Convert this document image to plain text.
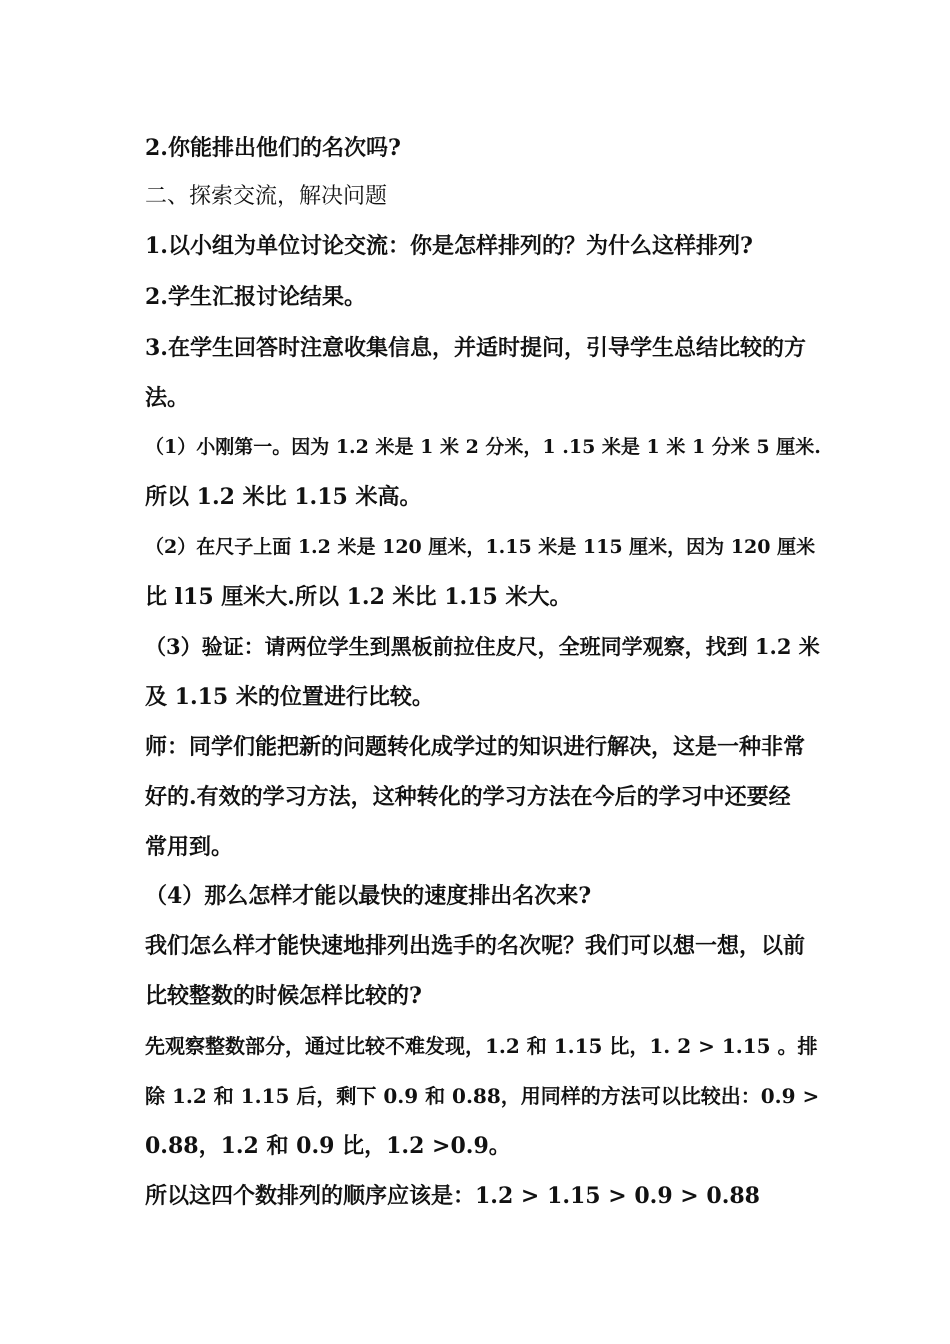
2.你能排出他们的名次吗?
二、探索交流，解决问题
1.以小组为单位讨论交流：你是怎样排列的？为什么这样排列?
2.学生汇报讨论结果。
3.在学生回答时注意收集信息，并适时提问，引导学生总结比较的方
法。
（1）小刚第一。因为 1.2 米是 1 米 2 分米，1 .15 米是 1 米 1 分米 5 厘米.
所以 1.2 米比 1.15 米高。
（2）在尺子上面 1.2 米是 120 厘米，1.15 米是 115 厘米，因为 120 厘米
比 l15 厘米大.所以 1.2 米比 1.15 米大。
（3）验证：请两位学生到黑板前拉住皮尺，全班同学观察，找到 1.2 米
及 1.15 米的位置进行比较。
师：同学们能把新的问题转化成学过的知识进行解决，这是一种非常
好的.有效的学习方法，这种转化的学习方法在今后的学习中还要经
常用到。
（4）那么怎样才能以最快的速度排出名次来?
我们怎么样才能快速地排列出选手的名次呢？我们可以想一想，以前
比较整数的时候怎样比较的?
先观察整数部分，通过比较不难发现，1.2 和 1.15 比，1. 2 > 1.15 。排
除 1.2 和 1.15 后，剩下 0.9 和 0.88，用同样的方法可以比较出：0.9 >
0.88，1.2 和 0.9 比，1.2 >0.9。
所以这四个数排列的顺序应该是：1.2 > 1.15 > 0.9 > 0.88
